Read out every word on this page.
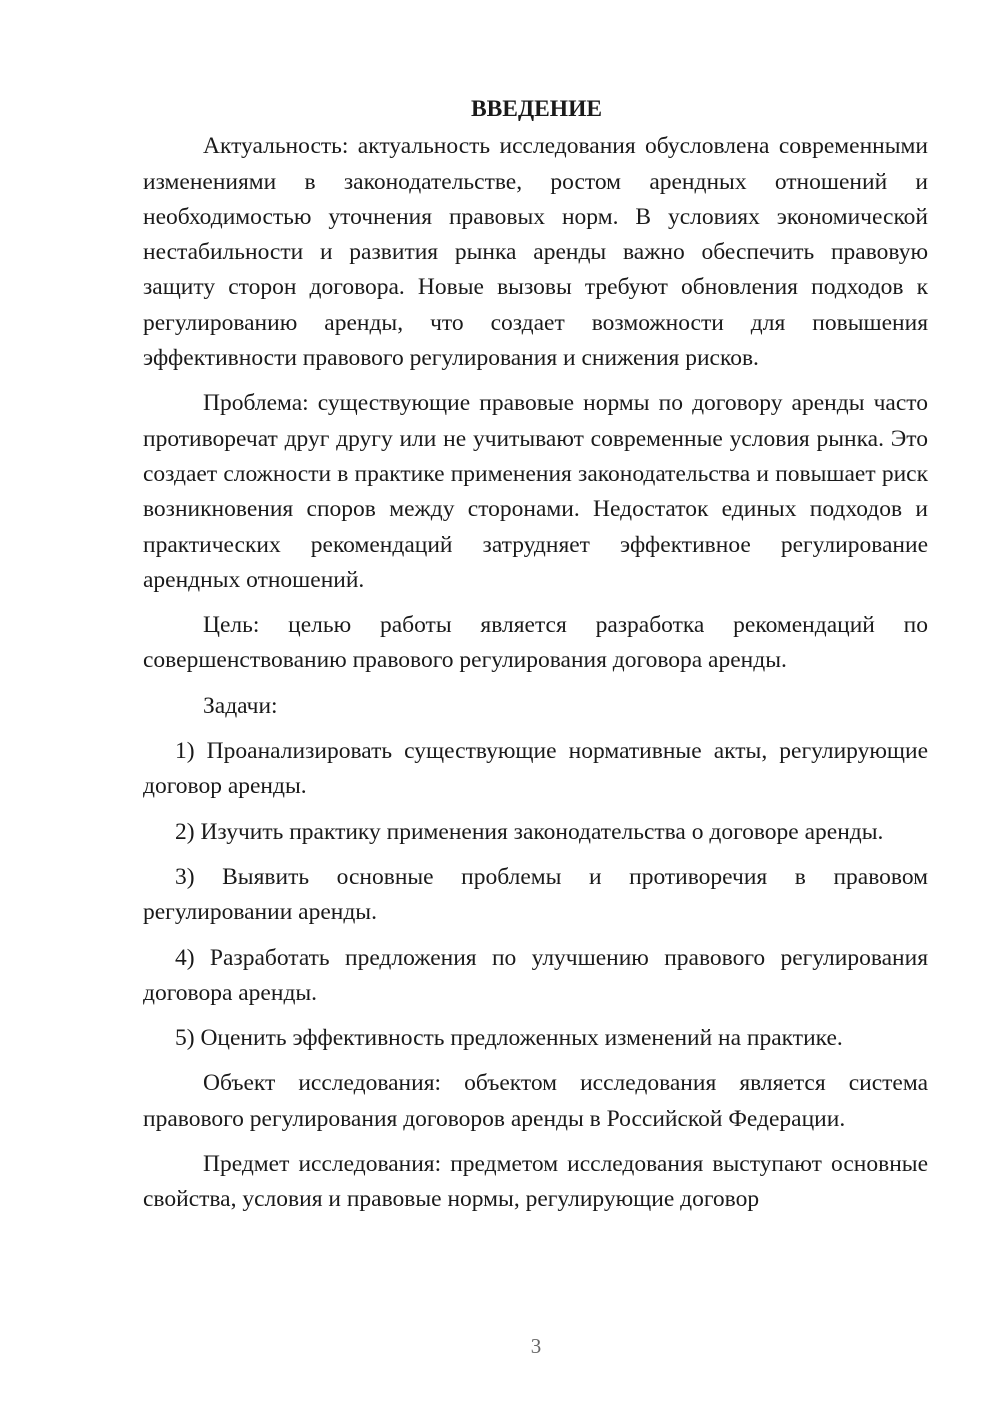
ВВЕДЕНИЕ

Актуальность: актуальность исследования обусловлена современными изменениями в законодательстве, ростом арендных отношений и необходимостью уточнения правовых норм. В условиях экономической нестабильности и развития рынка аренды важно обеспечить правовую защиту сторон договора. Новые вызовы требуют обновления подходов к регулированию аренды, что создает возможности для повышения эффективности правового регулирования и снижения рисков.

Проблема: существующие правовые нормы по договору аренды часто противоречат друг другу или не учитывают современные условия рынка. Это создает сложности в практике применения законодательства и повышает риск возникновения споров между сторонами. Недостаток единых подходов и практических рекомендаций затрудняет эффективное регулирование арендных отношений.

Цель: целью работы является разработка рекомендаций по совершенствованию правового регулирования договора аренды.

Задачи:

1) Проанализировать существующие нормативные акты, регулирующие договор аренды.

2) Изучить практику применения законодательства о договоре аренды.

3) Выявить основные проблемы и противоречия в правовом регулировании аренды.

4) Разработать предложения по улучшению правового регулирования договора аренды.

5) Оценить эффективность предложенных изменений на практике.

Объект исследования: объектом исследования является система правового регулирования договоров аренды в Российской Федерации.

Предмет исследования: предметом исследования выступают основные свойства, условия и правовые нормы, регулирующие договор

3
